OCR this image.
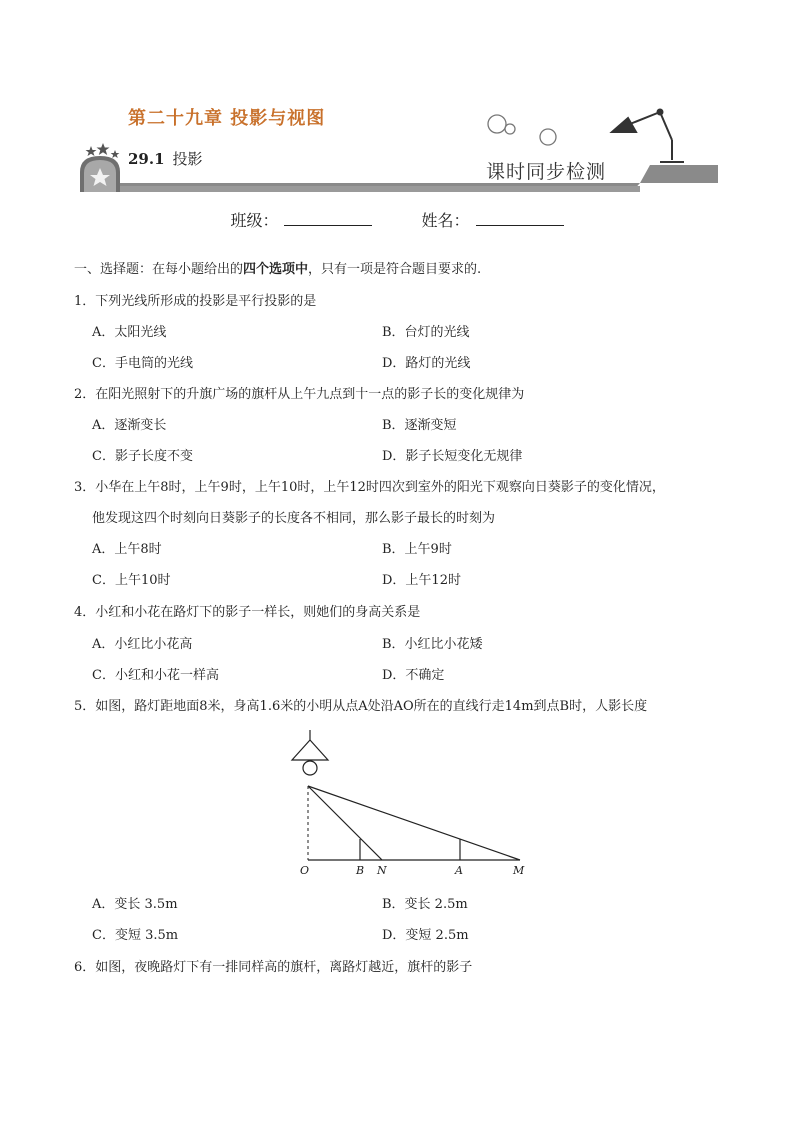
第二十九章 投影与视图
29.1 投影
课时同步检测
班级：	姓名：
一、选择题：在每小题给出的四个选项中，只有一项是符合题目要求的.
1．下列光线所形成的投影是平行投影的是
A．太阳光线	B．台灯的光线
C．手电筒的光线	D．路灯的光线
2．在阳光照射下的升旗广场的旗杆从上午九点到十一点的影子长的变化规律为
A．逐渐变长	B．逐渐变短
C．影子长度不变	D．影子长短变化无规律
3．小华在上午8时，上午9时，上午10时，上午12时四次到室外的阳光下观察向日葵影子的变化情况，
他发现这四个时刻向日葵影子的长度各不相同，那么影子最长的时刻为
A．上午8时	B．上午9时
C．上午10时	D．上午12时
4．小红和小花在路灯下的影子一样长，则她们的身高关系是
A．小红比小花高	B．小红比小花矮
C．小红和小花一样高	D．不确定
5．如图，路灯距地面8米，身高1.6米的小明从点A处沿AO所在的直线行走14m到点B时，人影长度
A．变长 3.5m	B．变长 2.5m
C．变短 3.5m	D．变短 2.5m
6．如图，夜晚路灯下有一排同样高的旗杆，离路灯越近，旗杆的影子
O	B N	A	M
